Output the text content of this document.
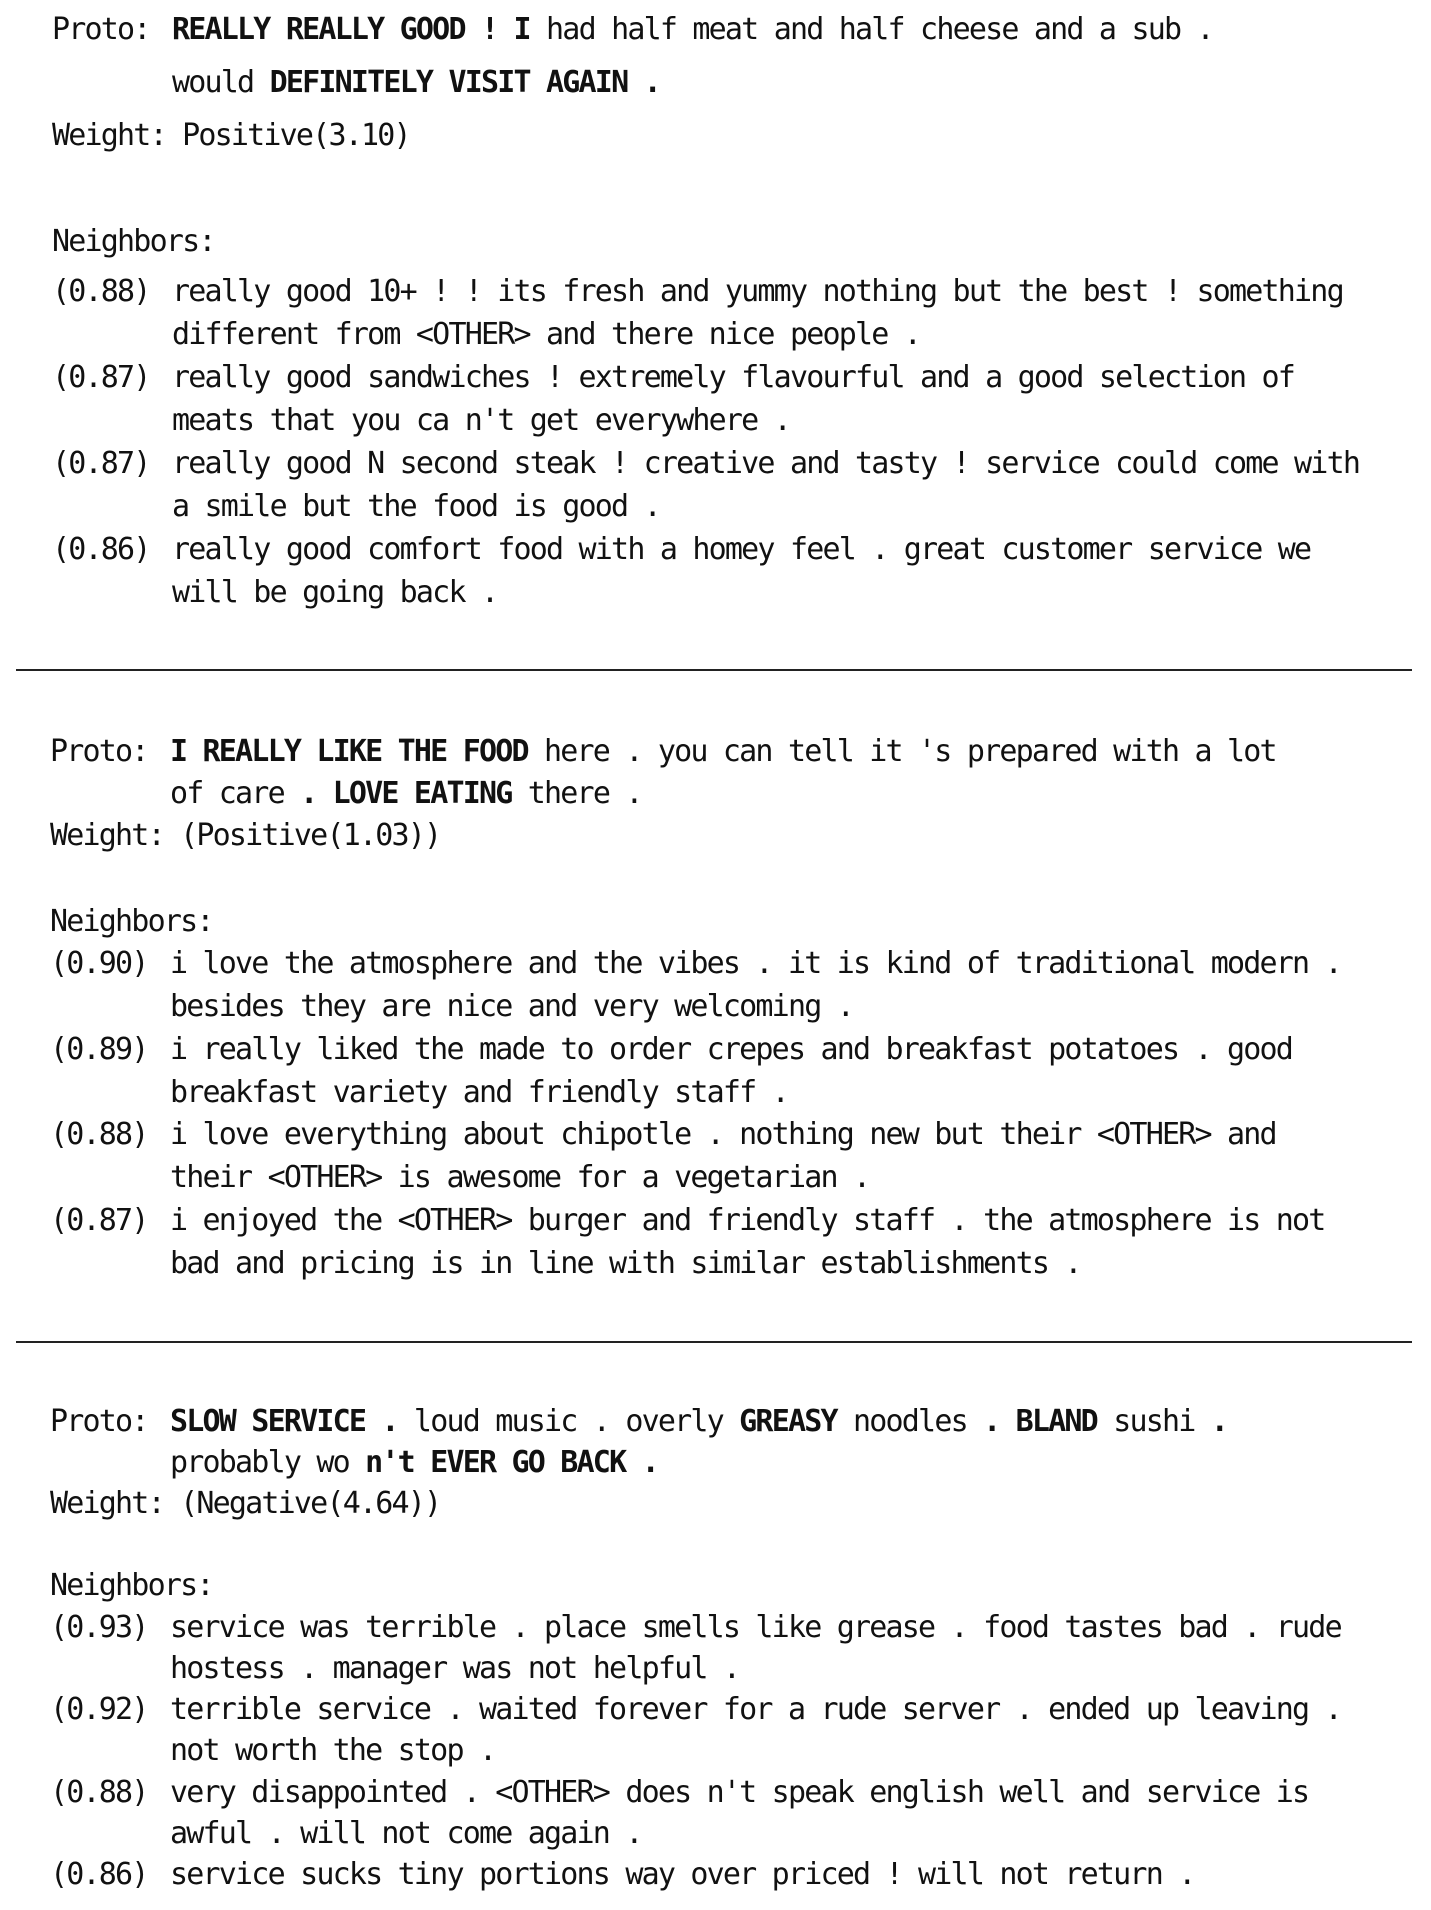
Proto: REALLY REALLY GOOD ! I had half meat and half cheese and a sub .
would DEFINITELY VISIT AGAIN .
Weight: Positive(3.10)
Neighbors:
(0.88) really good 10+ ! ! its fresh and yummy nothing but the best ! something
different from <OTHER> and there nice people .
(0.87) really good sandwiches ! extremely flavourful and a good selection of
meats that you ca n't get everywhere .
(0.87) really good N second steak ! creative and tasty ! service could come with
a smile but the food is good .
(0.86) really good comfort food with a homey feel . great customer service we
will be going back .
Proto: I REALLY LIKE THE FOOD here . you can tell it 's prepared with a lot
of care . LOVE EATING there .
Weight: (Positive(1.03))
Neighbors:
(0.90) i love the atmosphere and the vibes . it is kind of traditional modern .
besides they are nice and very welcoming .
(0.89) i really liked the made to order crepes and breakfast potatoes . good
breakfast variety and friendly staff .
(0.88) i love everything about chipotle . nothing new but their <OTHER> and
their <OTHER> is awesome for a vegetarian .
(0.87) i enjoyed the <OTHER> burger and friendly staff . the atmosphere is not
bad and pricing is in line with similar establishments .
Proto: SLOW SERVICE . loud music . overly GREASY noodles . BLAND sushi .
probably wo n't EVER GO BACK .
Weight: (Negative(4.64))
Neighbors:
(0.93) service was terrible . place smells like grease . food tastes bad . rude
hostess . manager was not helpful .
(0.92) terrible service . waited forever for a rude server . ended up leaving .
not worth the stop .
(0.88) very disappointed . <OTHER> does n't speak english well and service is
awful . will not come again .
(0.86) service sucks tiny portions way over priced ! will not return .
